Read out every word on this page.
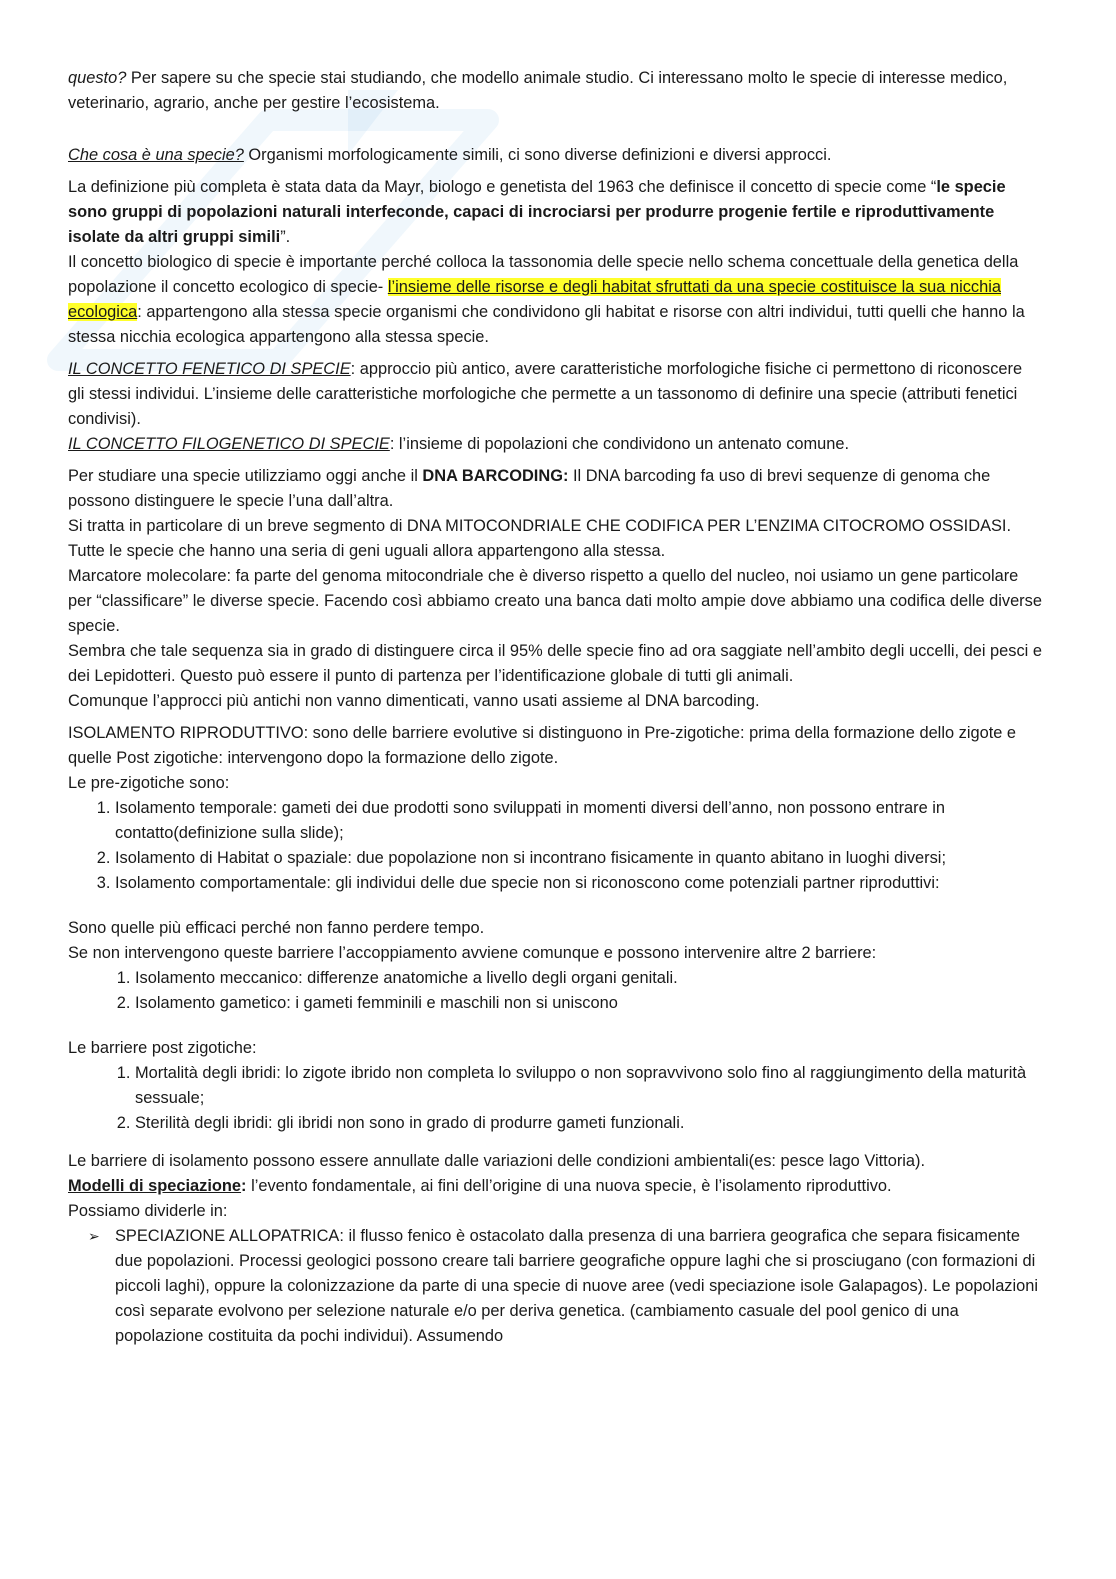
questo? Per sapere su che specie stai studiando, che modello animale studio. Ci interessano molto le specie di interesse medico, veterinario, agrario, anche per gestire l’ecosistema.

Che cosa è una specie? Organismi morfologicamente simili, ci sono diverse definizioni e diversi approcci.

La definizione più completa è stata data da Mayr, biologo e genetista del 1963 che definisce il concetto di specie come “le specie sono gruppi di popolazioni naturali interfeconde, capaci di incrociarsi per produrre progenie fertile e riproduttivamente isolate da altri gruppi simili”.

Il concetto biologico di specie è importante perché colloca la tassonomia delle specie nello schema concettuale della genetica della popolazione il concetto ecologico di specie- l’insieme delle risorse e degli habitat sfruttati da una specie costituisce la sua nicchia ecologica: appartengono alla stessa specie organismi che condividono gli habitat e risorse con altri individui, tutti quelli che hanno la stessa nicchia ecologica appartengono alla stessa specie.

IL CONCETTO FENETICO DI SPECIE: approccio più antico, avere caratteristiche morfologiche fisiche ci permettono di riconoscere gli stessi individui. L’insieme delle caratteristiche morfologiche che permette a un tassonomo di definire una specie (attributi fenetici condivisi).

IL CONCETTO FILOGENETICO DI SPECIE: l’insieme di popolazioni che condividono un antenato comune.

Per studiare una specie utilizziamo oggi anche il DNA BARCODING: Il DNA barcoding fa uso di brevi sequenze di genoma che possono distinguere le specie l’una dall’altra.

Si tratta in particolare di un breve segmento di DNA MITOCONDRIALE CHE CODIFICA PER L’ENZIMA CITOCROMO OSSIDASI. Tutte le specie che hanno una seria di geni uguali allora appartengono alla stessa.

Marcatore molecolare: fa parte del genoma mitocondriale che è diverso rispetto a quello del nucleo, noi usiamo un gene particolare per “classificare” le diverse specie. Facendo così abbiamo creato una banca dati molto ampie dove abbiamo una codifica delle diverse specie.

Sembra che tale sequenza sia in grado di distinguere circa il 95% delle specie fino ad ora saggiate nell’ambito degli uccelli, dei pesci e dei Lepidotteri. Questo può essere il punto di partenza per l’identificazione globale di tutti gli animali.

Comunque l’approcci più antichi non vanno dimenticati, vanno usati assieme al DNA barcoding.

ISOLAMENTO RIPRODUTTIVO: sono delle barriere evolutive si distinguono in Pre-zigotiche: prima della formazione dello zigote e quelle Post zigotiche: intervengono dopo la formazione dello zigote.

Le pre-zigotiche sono:

1. Isolamento temporale: gameti dei due prodotti sono sviluppati in momenti diversi dell’anno, non possono entrare in contatto(definizione sulla slide);
2. Isolamento di Habitat o spaziale: due popolazione non si incontrano fisicamente in quanto abitano in luoghi diversi;
3. Isolamento comportamentale: gli individui delle due specie non si riconoscono come potenziali partner riproduttivi:

Sono quelle più efficaci perché non fanno perdere tempo.

Se non intervengono queste barriere l’accoppiamento avviene comunque e possono intervenire altre 2 barriere:

1. Isolamento meccanico: differenze anatomiche a livello degli organi genitali.
2. Isolamento gametico: i gameti femminili e maschili non si uniscono

Le barriere post zigotiche:

1. Mortalità degli ibridi: lo zigote ibrido non completa lo sviluppo o non sopravvivono solo fino al raggiungimento della maturità sessuale;
2. Sterilità degli ibridi: gli ibridi non sono in grado di produrre gameti funzionali.

Le barriere di isolamento possono essere annullate dalle variazioni delle condizioni ambientali(es: pesce lago Vittoria).

Modelli di speciazione: l’evento fondamentale, ai fini dell’origine di una nuova specie, è l’isolamento riproduttivo.

Possiamo dividerle in:

➢ SPECIAZIONE ALLOPATRICA: il flusso fenico è ostacolato dalla presenza di una barriera geografica che separa fisicamente due popolazioni. Processi geologici possono creare tali barriere geografiche oppure laghi che si prosciugano (con formazioni di piccoli laghi), oppure la colonizzazione da parte di una specie di nuove aree (vedi speciazione isole Galapagos). Le popolazioni così separate evolvono per selezione naturale e/o per deriva genetica. (cambiamento casuale del pool genico di una popolazione costituita da pochi individui). Assumendo
